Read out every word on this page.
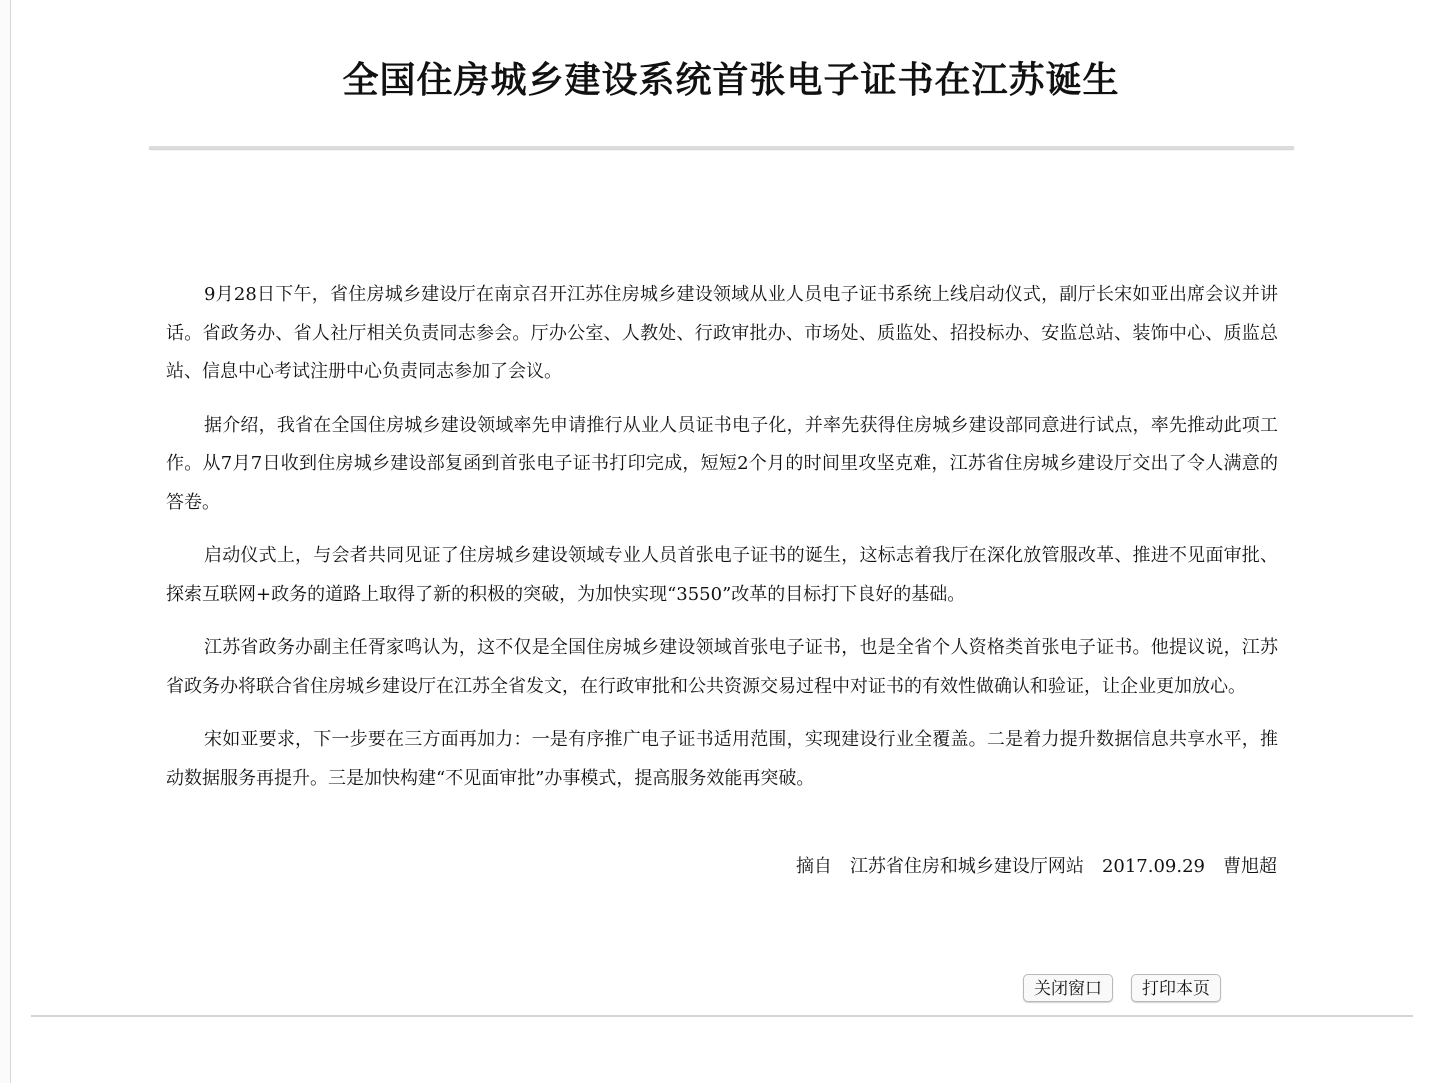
全国住房城乡建设系统首张电子证书在江苏诞生

9月28日下午，省住房城乡建设厅在南京召开江苏住房城乡建设领域从业人员电子证书系统上线启动仪式，副厅长宋如亚出席会议并讲话。省政务办、省人社厅相关负责同志参会。厅办公室、人教处、行政审批办、市场处、质监处、招投标办、安监总站、装饰中心、质监总站、信息中心考试注册中心负责同志参加了会议。

据介绍，我省在全国住房城乡建设领域率先申请推行从业人员证书电子化，并率先获得住房城乡建设部同意进行试点，率先推动此项工作。从7月7日收到住房城乡建设部复函到首张电子证书打印完成，短短2个月的时间里攻坚克难，江苏省住房城乡建设厅交出了令人满意的答卷。

启动仪式上，与会者共同见证了住房城乡建设领域专业人员首张电子证书的诞生，这标志着我厅在深化放管服改革、推进不见面审批、探索互联网+政务的道路上取得了新的积极的突破，为加快实现“3550”改革的目标打下良好的基础。

江苏省政务办副主任胥家鸣认为，这不仅是全国住房城乡建设领域首张电子证书，也是全省个人资格类首张电子证书。他提议说，江苏省政务办将联合省住房城乡建设厅在江苏全省发文，在行政审批和公共资源交易过程中对证书的有效性做确认和验证，让企业更加放心。

宋如亚要求，下一步要在三方面再加力：一是有序推广电子证书适用范围，实现建设行业全覆盖。二是着力提升数据信息共享水平，推动数据服务再提升。三是加快构建“不见面审批”办事模式，提高服务效能再突破。

摘自 江苏省住房和城乡建设厅网站 2017.09.29 曹旭超
关闭窗口	打印本页
